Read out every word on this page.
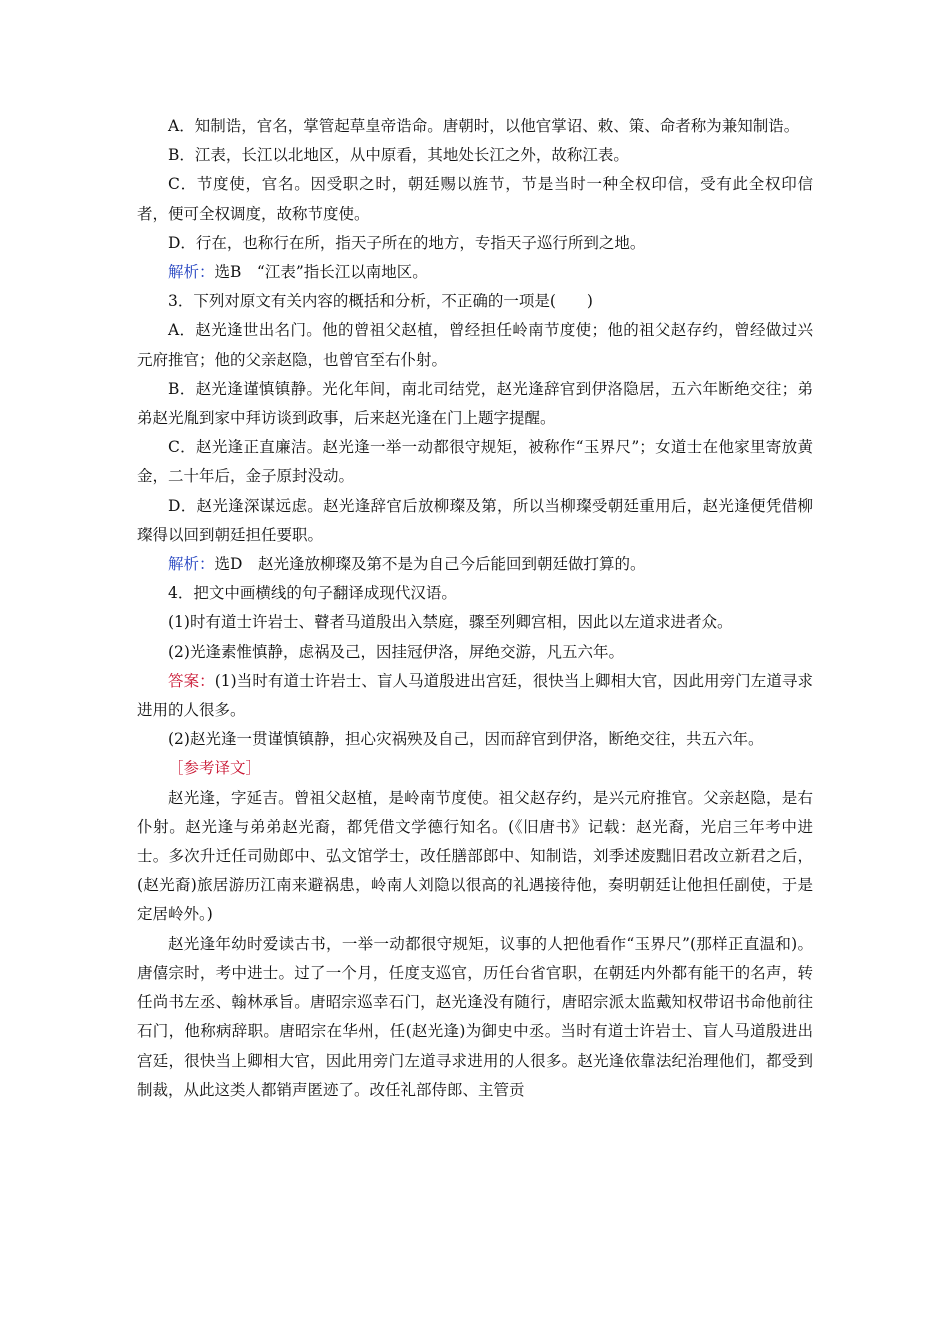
A．知制诰，官名，掌管起草皇帝诰命。唐朝时，以他官掌诏、敕、策、命者称为兼知制诰。

B．江表，长江以北地区，从中原看，其地处长江之外，故称江表。

C．节度使，官名。因受职之时，朝廷赐以旌节，节是当时一种全权印信，受有此全权印信者，便可全权调度，故称节度使。

D．行在，也称行在所，指天子所在的地方，专指天子巡行所到之地。

解析：选B　“江表”指长江以南地区。

3．下列对原文有关内容的概括和分析，不正确的一项是(　　)

A．赵光逢世出名门。他的曾祖父赵植，曾经担任岭南节度使；他的祖父赵存约，曾经做过兴元府推官；他的父亲赵隐，也曾官至右仆射。

B．赵光逢谨慎镇静。光化年间，南北司结党，赵光逢辞官到伊洛隐居，五六年断绝交往；弟弟赵光胤到家中拜访谈到政事，后来赵光逢在门上题字提醒。

C．赵光逢正直廉洁。赵光逢一举一动都很守规矩，被称作“玉界尺”；女道士在他家里寄放黄金，二十年后，金子原封没动。

D．赵光逢深谋远虑。赵光逢辞官后放柳璨及第，所以当柳璨受朝廷重用后，赵光逢便凭借柳璨得以回到朝廷担任要职。

解析：选D　赵光逢放柳璨及第不是为自己今后能回到朝廷做打算的。

4．把文中画横线的句子翻译成现代汉语。

(1)时有道士许岩士、瞽者马道殷出入禁庭，骤至列卿宫相，因此以左道求进者众。

(2)光逢素惟慎静，虑祸及己，因挂冠伊洛，屏绝交游，凡五六年。

答案：(1)当时有道士许岩士、盲人马道殷进出宫廷，很快当上卿相大官，因此用旁门左道寻求进用的人很多。

(2)赵光逢一贯谨慎镇静，担心灾祸殃及自己，因而辞官到伊洛，断绝交往，共五六年。

［参考译文］

赵光逢，字延吉。曾祖父赵植，是岭南节度使。祖父赵存约，是兴元府推官。父亲赵隐，是右仆射。赵光逢与弟弟赵光裔，都凭借文学德行知名。(《旧唐书》记载：赵光裔，光启三年考中进士。多次升迁任司勋郎中、弘文馆学士，改任膳部郎中、知制诰，刘季述废黜旧君改立新君之后，(赵光裔)旅居游历江南来避祸患，岭南人刘隐以很高的礼遇接待他，奏明朝廷让他担任副使，于是定居岭外。)

赵光逢年幼时爱读古书，一举一动都很守规矩，议事的人把他看作“玉界尺”(那样正直温和)。唐僖宗时，考中进士。过了一个月，任度支巡官，历任台省官职，在朝廷内外都有能干的名声，转任尚书左丞、翰林承旨。唐昭宗巡幸石门，赵光逢没有随行，唐昭宗派太监戴知权带诏书命他前往石门，他称病辞职。唐昭宗在华州，任(赵光逢)为御史中丞。当时有道士许岩士、盲人马道殷进出宫廷，很快当上卿相大官，因此用旁门左道寻求进用的人很多。赵光逢依靠法纪治理他们，都受到制裁，从此这类人都销声匿迹了。改任礼部侍郎、主管贡
